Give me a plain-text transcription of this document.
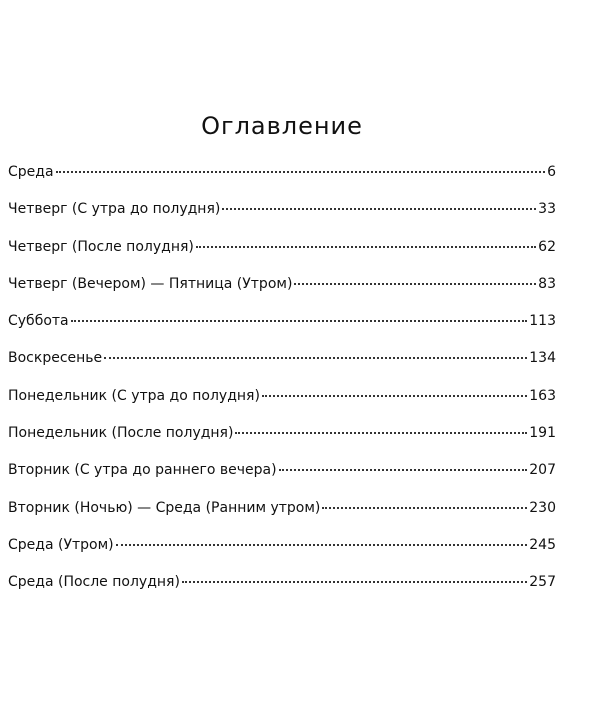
Оглавление
Среда	6
Четверг (С утра до полудня)	33
Четверг (После полудня)	62
Четверг (Вечером) — Пятница (Утром)	83
Суббота	113
Воскресенье	134
Понедельник (С утра до полудня)	163
Понедельник (После полудня)	191
Вторник (С утра до раннего вечера)	207
Вторник (Ночью) — Среда (Ранним утром)	230
Среда (Утром)	245
Среда (После полудня)	257
